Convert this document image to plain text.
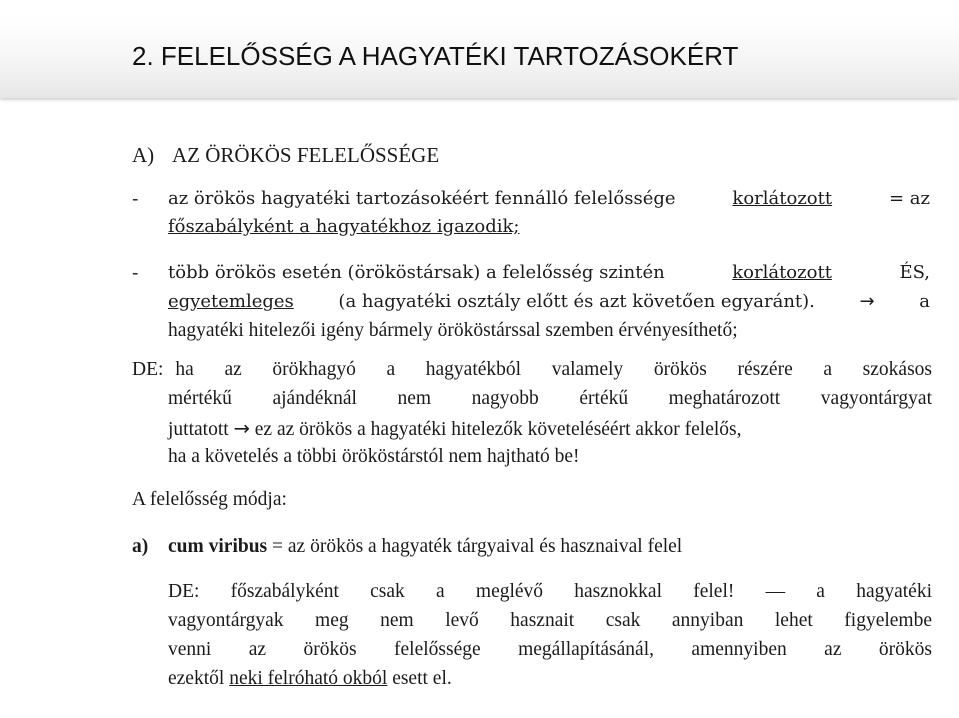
2. FELELŐSSÉG A HAGYATÉKI TARTOZÁSOKÉRT
A) AZ ÖRÖKÖS FELELŐSSÉGE
- az örökös hagyatéki tartozásokéért fennálló felelőssége	korlátozott	= az
főszabályként a hagyatékhoz igazodik;
- több örökös esetén (örököstársak) a felelősség szintén	korlátozott	ÉS,
egyetemleges (a hagyatéki osztály előtt és azt követően egyaránt). → a
hagyatéki hitelezői igény bármely örököstárssal szemben érvényesíthető;
DE: ha az örökhagyó a hagyatékból valamely örökös részére a szokásos
mértékű ajándéknál nem nagyobb értékű meghatározott vagyontárgyat
juttatott → ez az örökös a hagyatéki hitelezők követeléséért akkor felelős,
ha a követelés a többi örököstárstól nem hajtható be!
A felelősség módja:
a) cum viribus = az örökös a hagyaték tárgyaival és hasznaival felel
DE: főszabályként csak a meglévő hasznokkal felel! — a hagyatéki
vagyontárgyak meg nem levő hasznait csak annyiban lehet figyelembe
venni az örökös felelőssége megállapításánál, amennyiben az örökös
ezektől neki felróható okból esett el.
